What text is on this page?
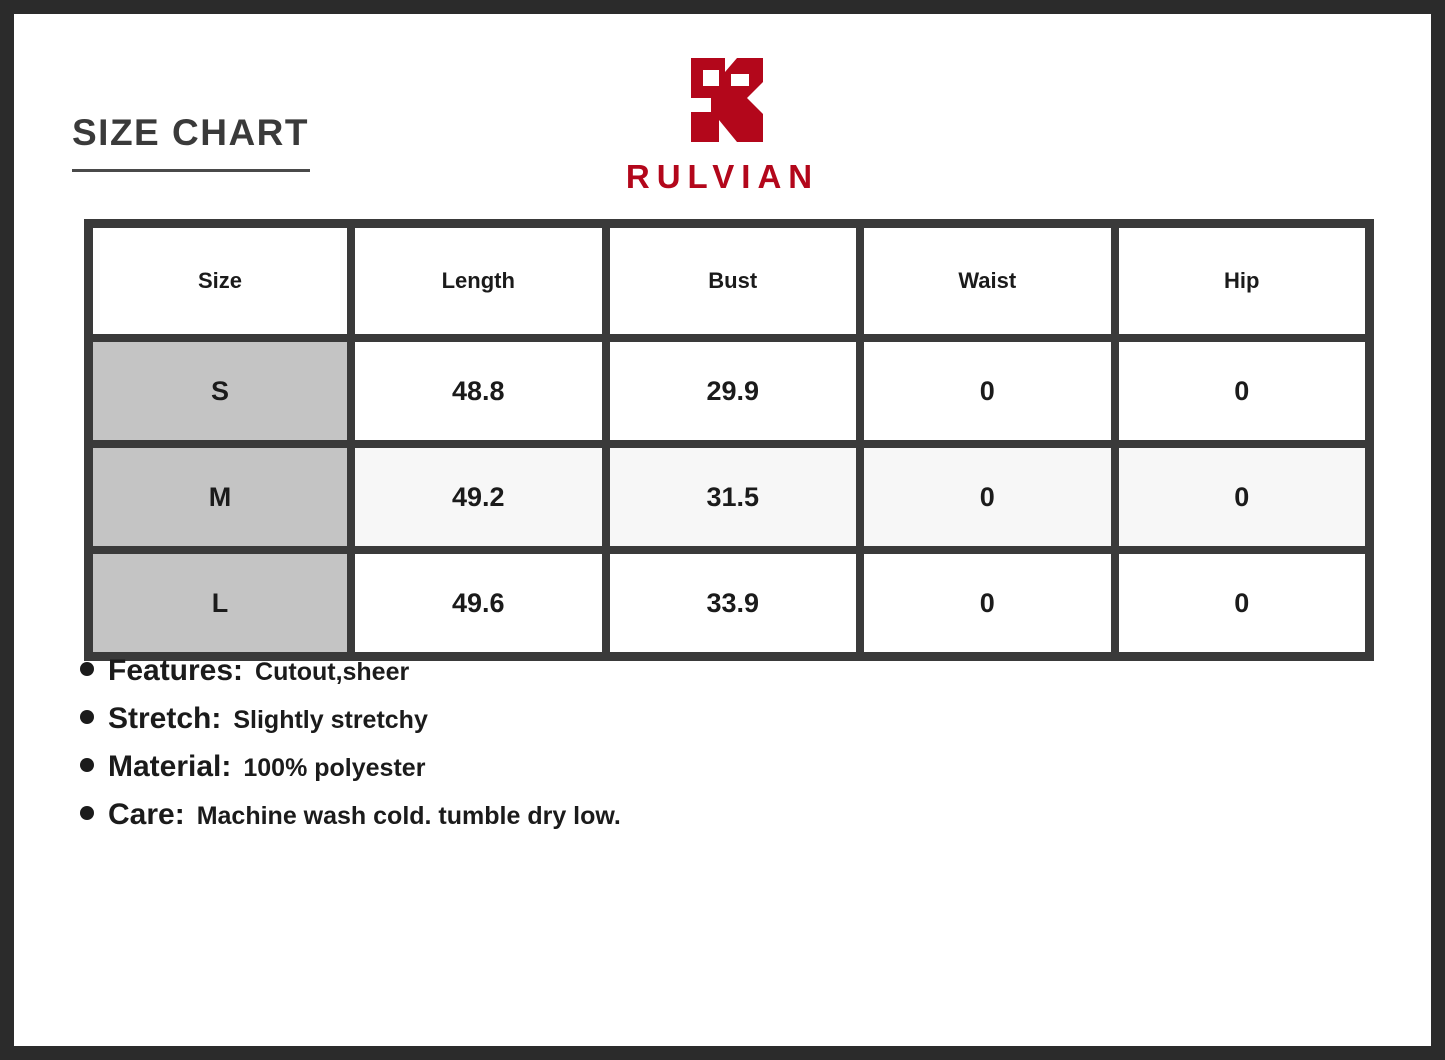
SIZE CHART
RULVIAN
Size	Length	Bust	Waist	Hip
S	48.8	29.9	0	0
M	49.2	31.5	0	0
L	49.6	33.9	0	0
Features: Cutout,sheer
Stretch: Slightly stretchy
Material: 100% polyester
Care: Machine wash cold. tumble dry low.
